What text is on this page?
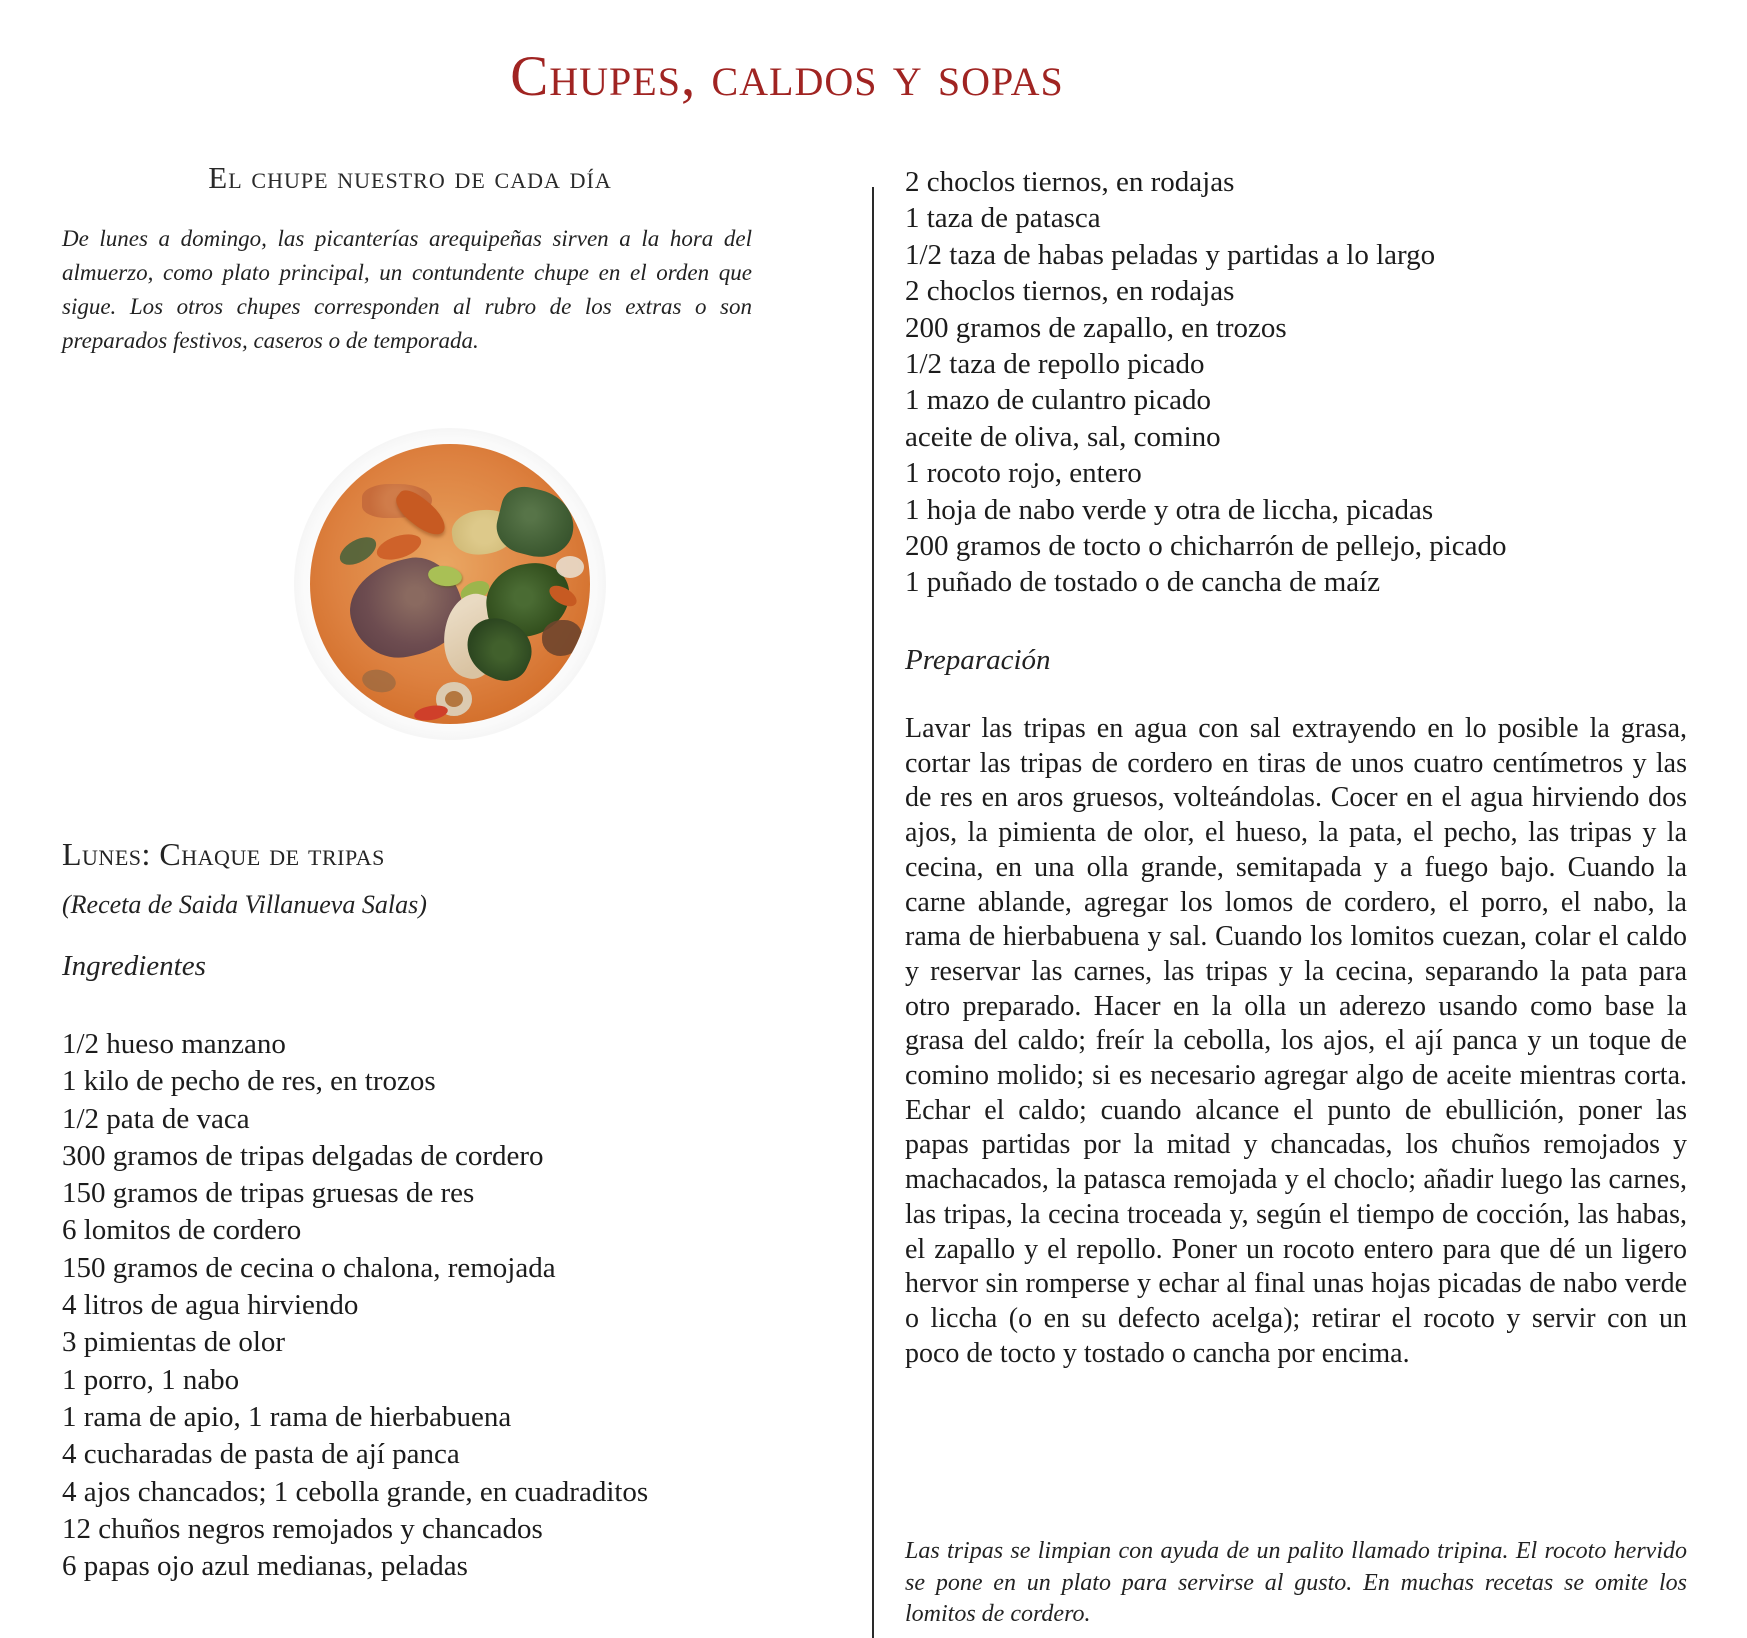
Chupes, caldos y sopas
El chupe nuestro de cada día
De lunes a domingo, las picanterías arequipeñas sirven a la hora del almuerzo, como plato principal, un contundente chupe en el orden que sigue. Los otros chupes corresponden al rubro de los extras o son preparados festivos, caseros o de temporada.
Lunes: Chaque de tripas
(Receta de Saida Villanueva Salas)
Ingredientes
1/2 hueso manzano
1 kilo de pecho de res, en trozos
1/2 pata de vaca
300 gramos de tripas delgadas de cordero
150 gramos de tripas gruesas de res
6 lomitos de cordero
150 gramos de cecina o chalona, remojada
4 litros de agua hirviendo
3 pimientas de olor
1 porro, 1 nabo
1 rama de apio, 1 rama de hierbabuena
4 cucharadas de pasta de ají panca
4 ajos chancados; 1 cebolla grande, en cuadraditos
12 chuños negros remojados y chancados
6 papas ojo azul medianas, peladas
2 choclos tiernos, en rodajas
1 taza de patasca
1/2 taza de habas peladas y partidas a lo largo
2 choclos tiernos, en rodajas
200 gramos de zapallo, en trozos
1/2 taza de repollo picado
1 mazo de culantro picado
aceite de oliva, sal, comino
1 rocoto rojo, entero
1 hoja de nabo verde y otra de liccha, picadas
200 gramos de tocto o chicharrón de pellejo, picado
1 puñado de tostado o de cancha de maíz
Preparación
Lavar las tripas en agua con sal extrayendo en lo posible la grasa, cortar las tripas de cordero en tiras de unos cuatro centímetros y las de res en aros gruesos, volteándolas. Cocer en el agua hirviendo dos ajos, la pimienta de olor, el hueso, la pata, el pecho, las tripas y la cecina, en una olla grande, semitapada y a fuego bajo. Cuando la carne ablande, agregar los lomos de cordero, el porro, el nabo, la rama de hierbabuena y sal. Cuando los lomitos cuezan, colar el caldo y reservar las carnes, las tripas y la cecina, separando la pata para otro preparado. Hacer en la olla un aderezo usando como base la grasa del caldo; freír la cebolla, los ajos, el ají panca y un toque de comino molido; si es necesario agregar algo de aceite mientras corta. Echar el caldo; cuando alcance el punto de ebullición, poner las papas partidas por la mitad y chancadas, los chuños remojados y machacados, la patasca remojada y el choclo; añadir luego las carnes, las tripas, la cecina troceada y, según el tiempo de cocción, las habas, el zapallo y el repollo. Poner un rocoto entero para que dé un ligero hervor sin romperse y echar al final unas hojas picadas de nabo verde o liccha (o en su defecto acelga); retirar el rocoto y servir con un poco de tocto y tostado o cancha por encima.
Las tripas se limpian con ayuda de un palito llamado tripina. El rocoto hervido se pone en un plato para servirse al gusto. En muchas recetas se omite los lomitos de cordero.
